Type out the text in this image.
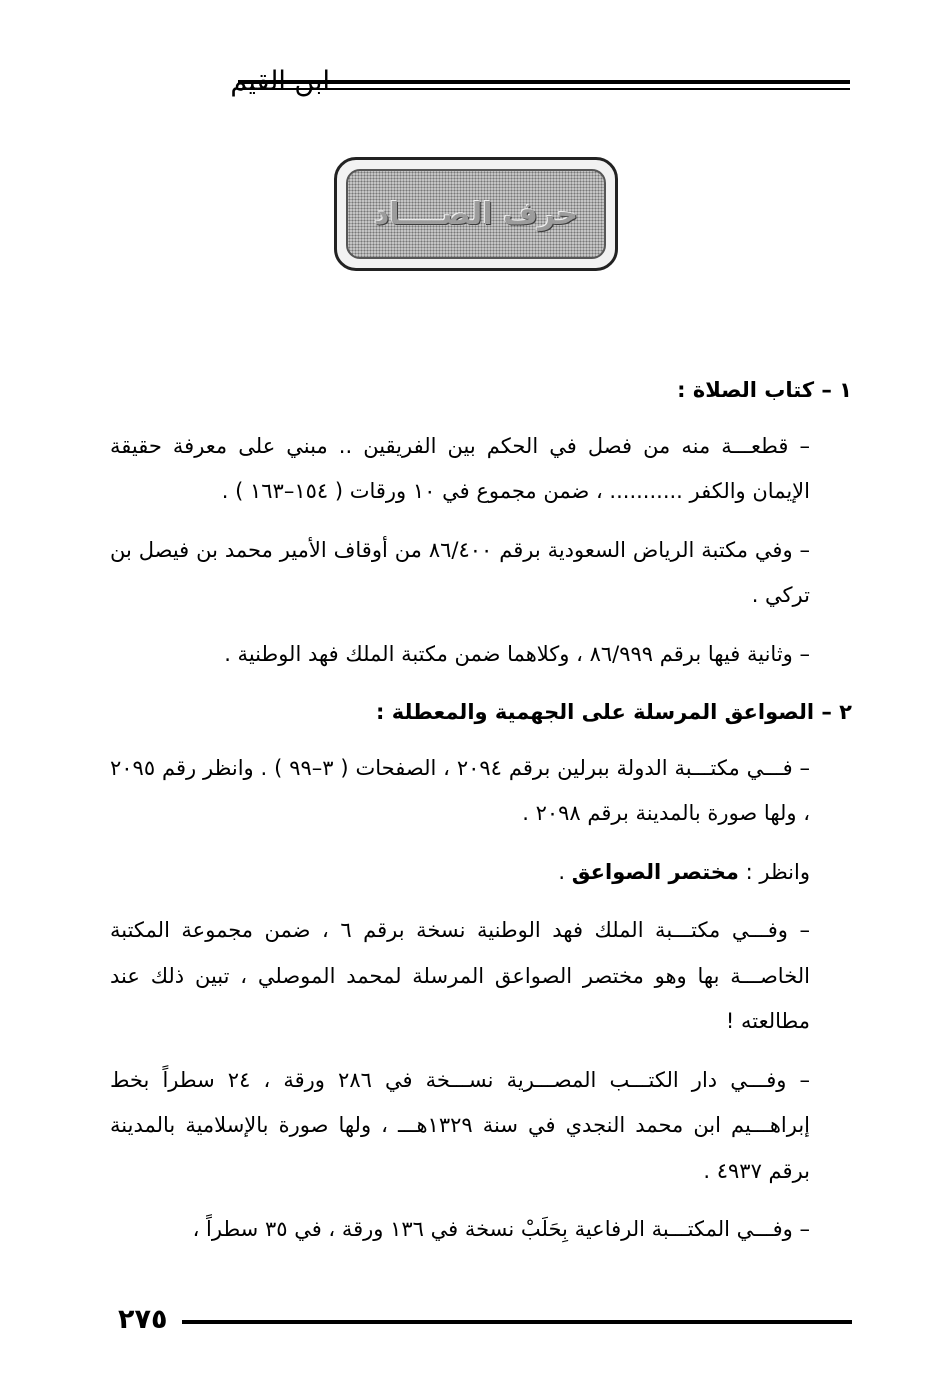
ابن القيم
حرف الصــــاد

١ – كتاب الصلاة :

– قطعـــة منه من فصل في الحكم بين الفريقين .. مبني على معرفة حقيقة الإيمان والكفر ........... ، ضمن مجموع في ١٠ ورقات ( ١٥٤–١٦٣ ) .

– وفي مكتبة الرياض السعودية برقم ٨٦/٤٠٠ من أوقاف الأمير محمد بن فيصل بن تركي .

– وثانية فيها برقم ٨٦/٩٩٩ ، وكلاهما ضمن مكتبة الملك فهد الوطنية .

٢ – الصواعق المرسلة على الجهمية والمعطلة :

– فـــي مكتـــبة الدولة ببرلين برقم ٢٠٩٤ ، الصفحات ( ٣–٩٩ ) . وانظر رقم ٢٠٩٥ ، ولها صورة بالمدينة برقم ٢٠٩٨ .

وانظر : مختصر الصواعق .

– وفـــي مكتـــبة الملك فهد الوطنية نسخة برقم ٦ ، ضمن مجموعة المكتبة الخاصـــة بها وهو مختصر الصواعق المرسلة لمحمد الموصلي ، تبين ذلك عند مطالعته !

– وفـــي دار الكتـــب المصـــرية نســـخة في ٢٨٦ ورقة ، ٢٤ سطراً بخط إبراهـــيم ابن محمد النجدي في سنة ١٣٢٩هـــ ، ولها صورة بالإسلامية بالمدينة برقم ٤٩٣٧ .

– وفـــي المكتـــبة الرفاعية بِحَلَبْ نسخة في ١٣٦ ورقة ، في ٣٥ سطراً ،

٢٧٥
